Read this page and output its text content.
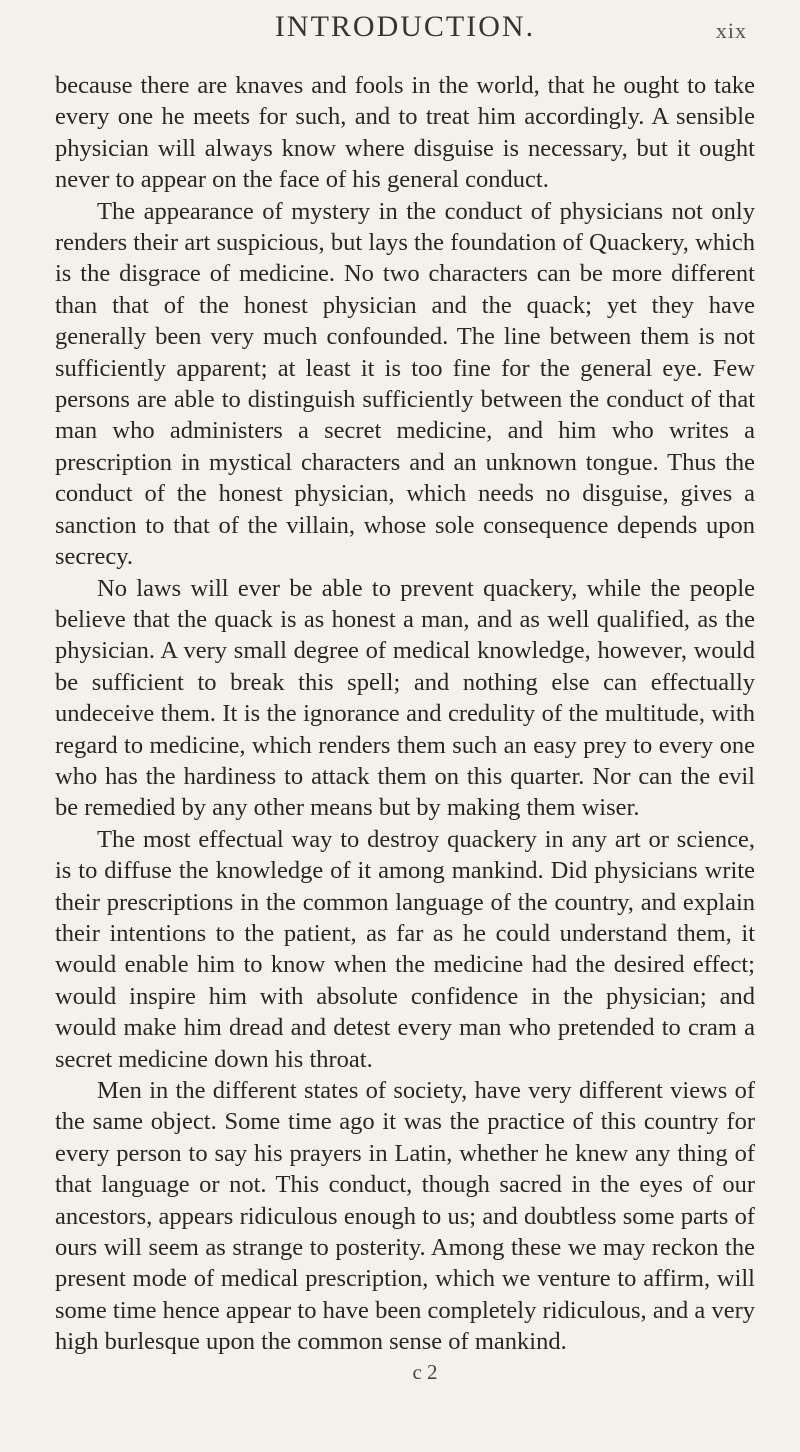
INTRODUCTION.	xix

because there are knaves and fools in the world, that he ought to take every one he meets for such, and to treat him accordingly. A sensible physician will always know where disguise is necessary, but it ought never to appear on the face of his general conduct.

The appearance of mystery in the conduct of physicians not only renders their art suspicious, but lays the foundation of Quackery, which is the disgrace of medicine. No two characters can be more different than that of the honest physician and the quack; yet they have generally been very much confounded. The line between them is not sufficiently apparent; at least it is too fine for the general eye. Few persons are able to distinguish sufficiently between the conduct of that man who administers a secret medicine, and him who writes a prescription in mystical characters and an unknown tongue. Thus the conduct of the honest physician, which needs no disguise, gives a sanction to that of the villain, whose sole consequence depends upon secrecy.

No laws will ever be able to prevent quackery, while the people believe that the quack is as honest a man, and as well qualified, as the physician. A very small degree of medical knowledge, however, would be sufficient to break this spell; and nothing else can effectually undeceive them. It is the ignorance and credulity of the multitude, with regard to medicine, which renders them such an easy prey to every one who has the hardiness to attack them on this quarter. Nor can the evil be remedied by any other means but by making them wiser.

The most effectual way to destroy quackery in any art or science, is to diffuse the knowledge of it among mankind. Did physicians write their prescriptions in the common language of the country, and explain their intentions to the patient, as far as he could understand them, it would enable him to know when the medicine had the desired effect; would inspire him with absolute confidence in the physician; and would make him dread and detest every man who pretended to cram a secret medicine down his throat.

Men in the different states of society, have very different views of the same object. Some time ago it was the practice of this country for every person to say his prayers in Latin, whether he knew any thing of that language or not. This conduct, though sacred in the eyes of our ancestors, appears ridiculous enough to us; and doubtless some parts of ours will seem as strange to posterity. Among these we may reckon the present mode of medical prescription, which we venture to affirm, will some time hence appear to have been completely ridiculous, and a very high burlesque upon the common sense of mankind.

c 2
